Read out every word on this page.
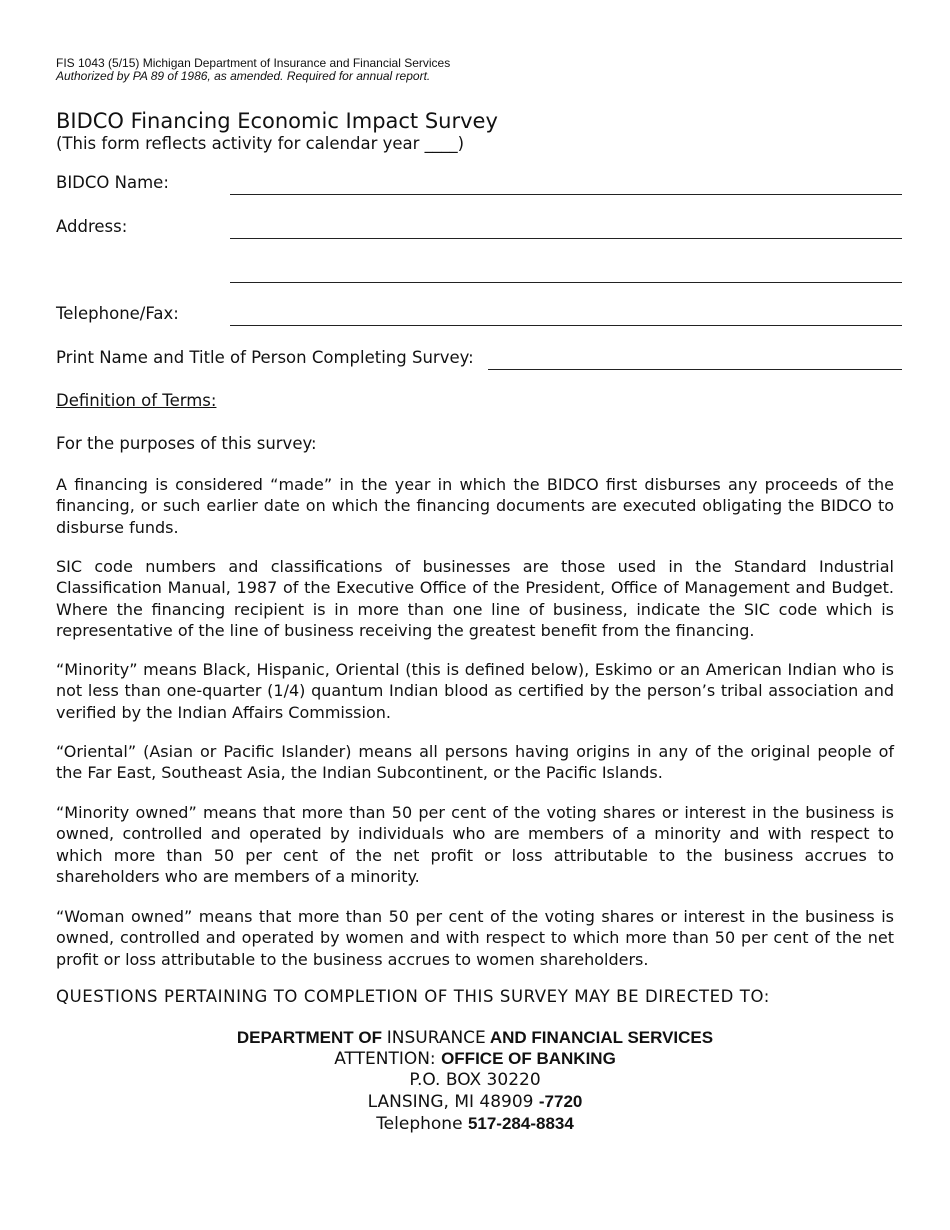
FIS 1043 (5/15) Michigan Department of Insurance and Financial Services
Authorized by PA 89 of 1986, as amended. Required for annual report.
BIDCO Financing Economic Impact Survey
(This form reflects activity for calendar year ____)
BIDCO Name:
Address:
Telephone/Fax:
Print Name and Title of Person Completing Survey:
Definition of Terms:
For the purposes of this survey:
A financing is considered “made” in the year in which the BIDCO first disburses any proceeds of the financing, or such earlier date on which the financing documents are executed obligating the BIDCO to disburse funds.
SIC code numbers and classifications of businesses are those used in the Standard Industrial Classification Manual, 1987 of the Executive Office of the President, Office of Management and Budget. Where the financing recipient is in more than one line of business, indicate the SIC code which is representative of the line of business receiving the greatest benefit from the financing.
“Minority” means Black, Hispanic, Oriental (this is defined below), Eskimo or an American Indian who is not less than one-quarter (1/4) quantum Indian blood as certified by the person’s tribal association and verified by the Indian Affairs Commission.
“Oriental” (Asian or Pacific Islander) means all persons having origins in any of the original people of the Far East, Southeast Asia, the Indian Subcontinent, or the Pacific Islands.
“Minority owned” means that more than 50 per cent of the voting shares or interest in the business is owned, controlled and operated by individuals who are members of a minority and with respect to which more than 50 per cent of the net profit or loss attributable to the business accrues to shareholders who are members of a minority.
“Woman owned” means that more than 50 per cent of the voting shares or interest in the business is owned, controlled and operated by women and with respect to which more than 50 per cent of the net profit or loss attributable to the business accrues to women shareholders.
QUESTIONS PERTAINING TO COMPLETION OF THIS SURVEY MAY BE DIRECTED TO:
DEPARTMENT OF INSURANCE AND FINANCIAL SERVICES
ATTENTION: OFFICE OF BANKING
P.O. BOX 30220
LANSING, MI 48909 -7720
Telephone 517-284-8834
